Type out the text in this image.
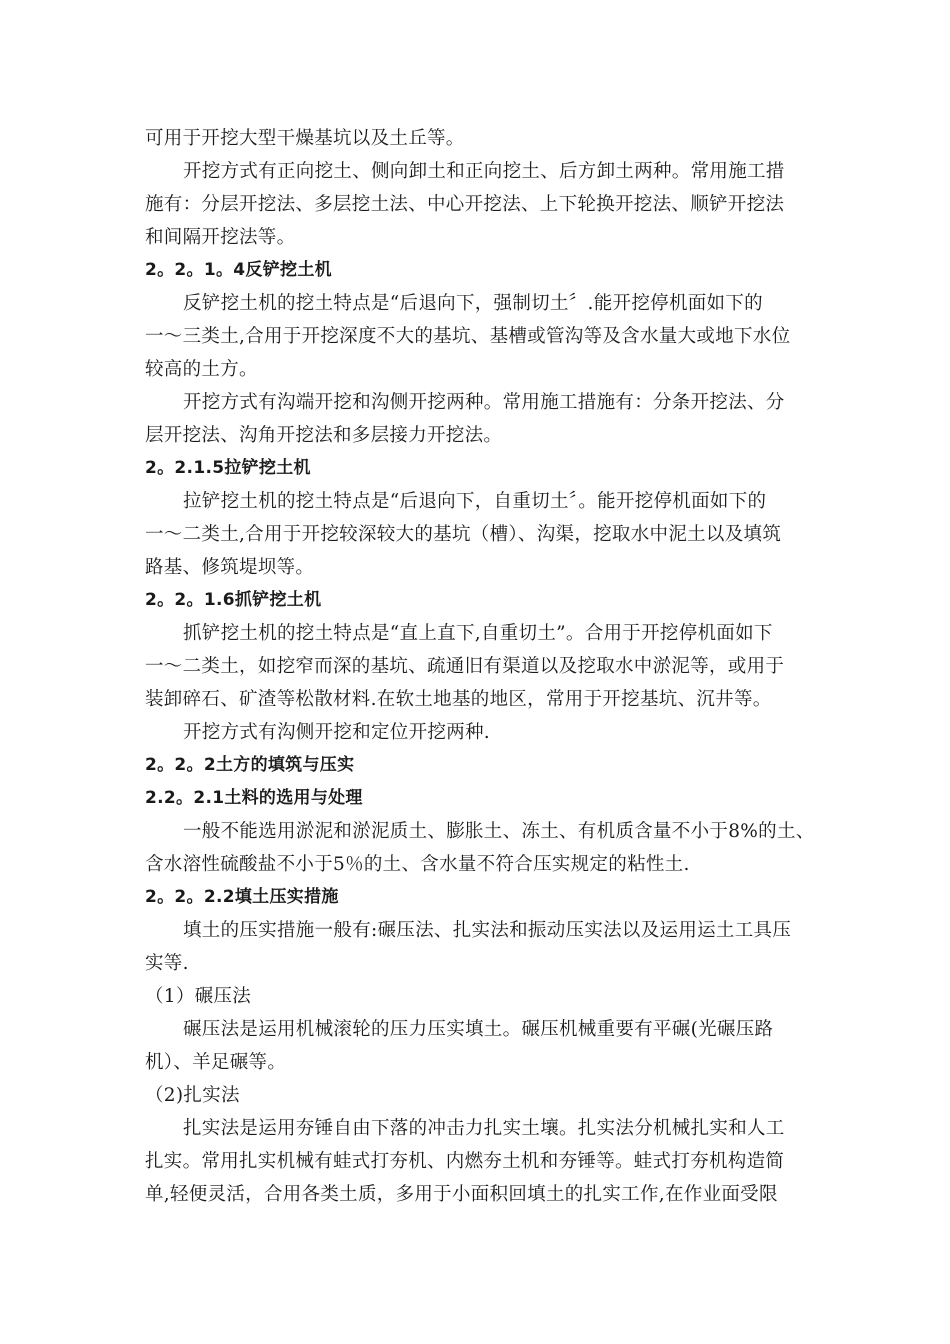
可用于开挖大型干燥基坑以及土丘等。
开挖方式有正向挖土、侧向卸土和正向挖土、后方卸土两种。常用施工措
施有：分层开挖法、多层挖土法、中心开挖法、上下轮换开挖法、顺铲开挖法
和间隔开挖法等。
2。2。1。4反铲挖土机
反铲挖土机的挖土特点是“后退向下，强制切土〞.能开挖停机面如下的
一～三类土,合用于开挖深度不大的基坑、基槽或管沟等及含水量大或地下水位
较高的土方。
开挖方式有沟端开挖和沟侧开挖两种。常用施工措施有：分条开挖法、分
层开挖法、沟角开挖法和多层接力开挖法。
2。2.1.5拉铲挖土机
拉铲挖土机的挖土特点是“后退向下，自重切土〞。能开挖停机面如下的
一～二类土,合用于开挖较深较大的基坑（槽）、沟渠，挖取水中泥土以及填筑
路基、修筑堤坝等。
2。2。1.6抓铲挖土机
抓铲挖土机的挖土特点是“直上直下,自重切土”。合用于开挖停机面如下
一～二类土，如挖窄而深的基坑、疏通旧有渠道以及挖取水中淤泥等，或用于
装卸碎石、矿渣等松散材料.在软土地基的地区，常用于开挖基坑、沉井等。
开挖方式有沟侧开挖和定位开挖两种.
2。2。2土方的填筑与压实
2.2。2.1土料的选用与处理
一般不能选用淤泥和淤泥质土、膨胀土、冻土、有机质含量不小于8%的土、
含水溶性硫酸盐不小于5％的土、含水量不符合压实规定的粘性土.
2。2。2.2填土压实措施
填土的压实措施一般有:碾压法、扎实法和振动压实法以及运用运土工具压
实等.
（1）碾压法
碾压法是运用机械滚轮的压力压实填土。碾压机械重要有平碾(光碾压路
机）、羊足碾等。
（2)扎实法
扎实法是运用夯锤自由下落的冲击力扎实土壤。扎实法分机械扎实和人工
扎实。常用扎实机械有蛙式打夯机、内燃夯土机和夯锤等。蛙式打夯机构造简
单,轻便灵活，合用各类土质，多用于小面积回填土的扎实工作,在作业面受限
